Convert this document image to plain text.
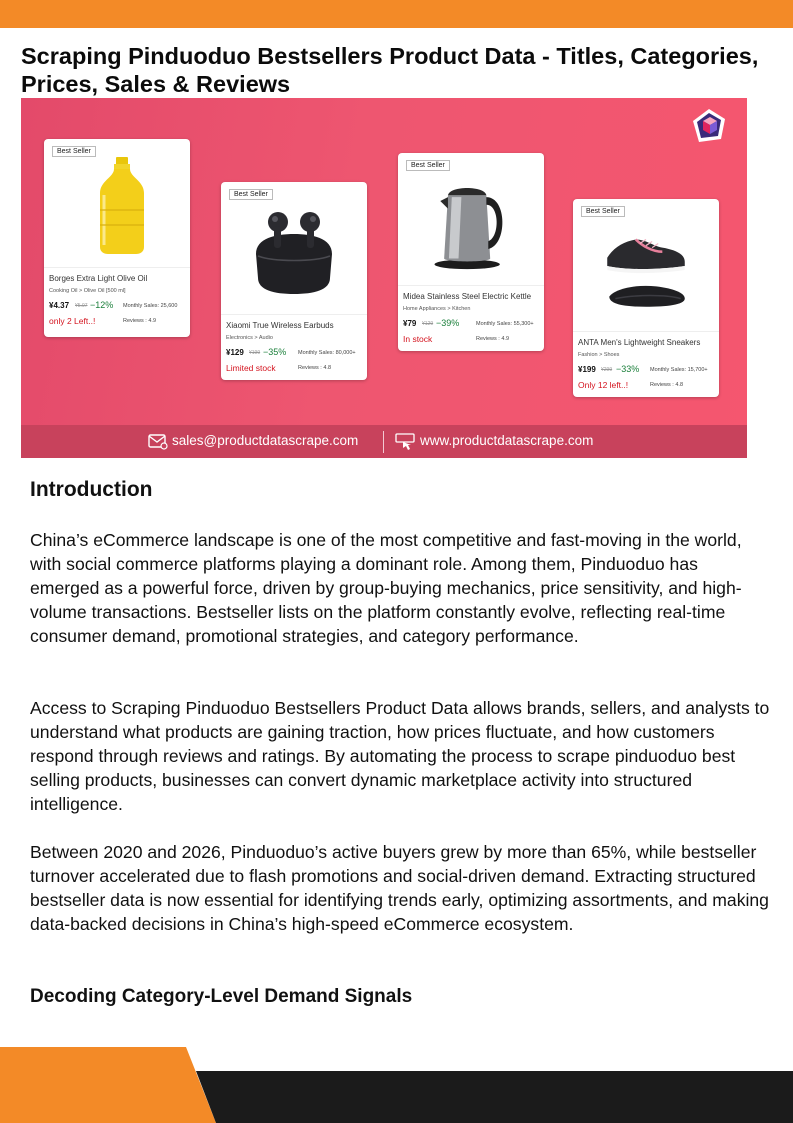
Scraping Pinduoduo Bestsellers Product Data - Titles, Categories, Prices, Sales & Reviews
Best Seller
Borges Extra Light Olive Oil
Cooking Oil > Olive Oil [500 ml]
¥4.37 ¥5.97 −12% Monthly Sales: 25,600
only 2 Left..!	Reviews : 4.9
Best Seller
Xiaomi True Wireless Earbuds
Electronics > Audio
¥129 ¥199 −35% Monthly Sales: 80,000+
Limited stock	Reviews : 4.8
Best Seller
Midea Stainless Steel Electric Kettle
Home Appliances > Kitchen
¥79 ¥129 −39%	Monthly Sales: 55,300+
In stock	Reviews : 4.9
Best Seller
ANTA Men's Lightweight Sneakers
Fashion > Shoes
¥199 ¥299 −33% Monthly Sales: 15,700+
Only 12 left..!	Reviews : 4.8
sales@productdatascrape.com	www.productdatascrape.com
Introduction

China’s eCommerce landscape is one of the most competitive and fast-moving in the world, with social commerce platforms playing a dominant role. Among them, Pinduoduo has emerged as a powerful force, driven by group-buying mechanics, price sensitivity, and high-volume transactions. Bestseller lists on the platform constantly evolve, reflecting real-time consumer demand, promotional strategies, and category performance.

Access to Scraping Pinduoduo Bestsellers Product Data allows brands, sellers, and analysts to understand what products are gaining traction, how prices fluctuate, and how customers respond through reviews and ratings. By automating the process to scrape pinduoduo best selling products, businesses can convert dynamic marketplace activity into structured intelligence.

Between 2020 and 2026, Pinduoduo’s active buyers grew by more than 65%, while bestseller turnover accelerated due to flash promotions and social-driven demand. Extracting structured bestseller data is now essential for identifying trends early, optimizing assortments, and making data-backed decisions in China’s high-speed eCommerce ecosystem.

Decoding Category-Level Demand Signals
